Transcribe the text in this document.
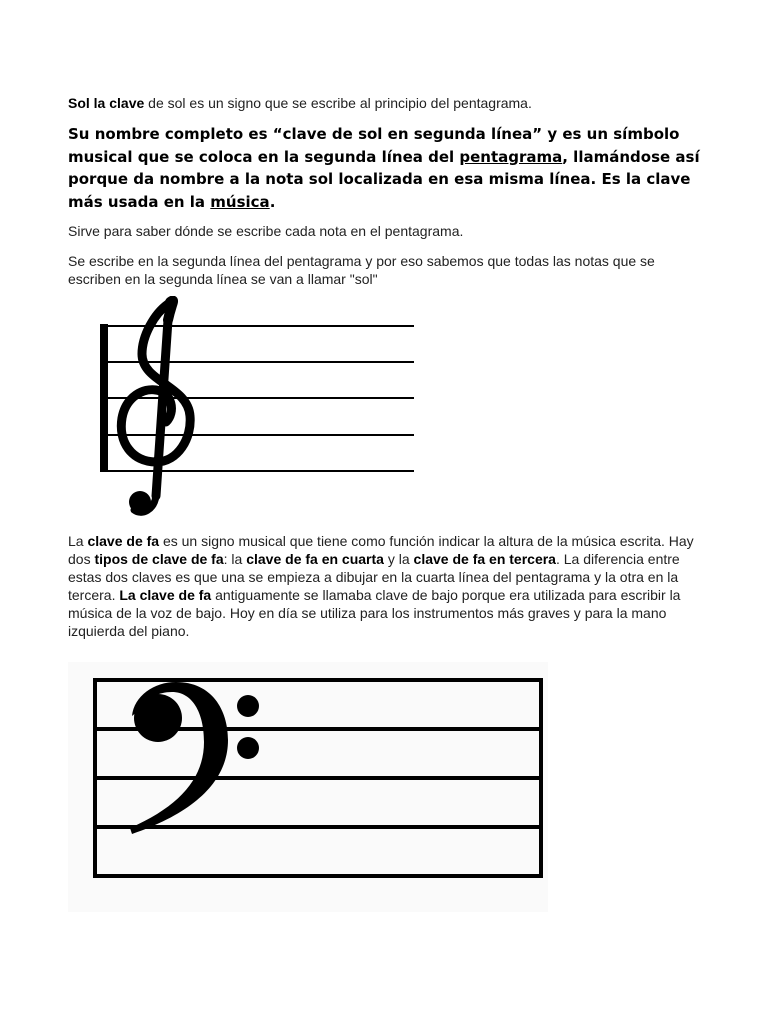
Sol la clave de sol es un signo que se escribe al principio del pentagrama.

Su nombre completo es “clave de sol en segunda línea” y es un símbolo musical que se coloca en la segunda línea del pentagrama, llamándose así porque da nombre a la nota sol localizada en esa misma línea. Es la clave más usada en la música.

Sirve para saber dónde se escribe cada nota en el pentagrama.

Se escribe en la segunda línea del pentagrama y por eso sabemos que todas las notas que se escriben en la segunda línea se van a llamar "sol"

La clave de fa es un signo musical que tiene como función indicar la altura de la música escrita. Hay dos tipos de clave de fa: la clave de fa en cuarta y la clave de fa en tercera. La diferencia entre estas dos claves es que una se empieza a dibujar en la cuarta línea del pentagrama y la otra en la tercera. La clave de fa antiguamente se llamaba clave de bajo porque era utilizada para escribir la música de la voz de bajo. Hoy en día se utiliza para los instrumentos más graves y para la mano izquierda del piano.
